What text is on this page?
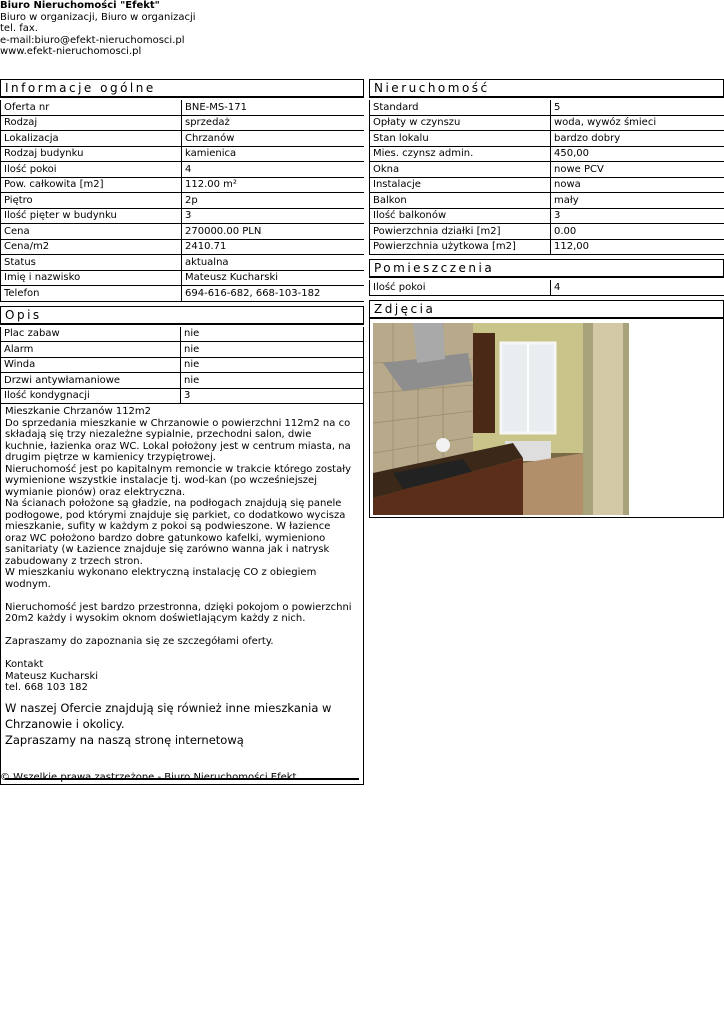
Biuro Nieruchomości "Efekt"
Biuro w organizacji, Biuro w organizacji
tel. fax.
e-mail:biuro@efekt-nieruchomosci.pl
www.efekt-nieruchomosci.pl
Informacje ogólne
Oferta nr	BNE-MS-171
Rodzaj	sprzedaż
Lokalizacja	Chrzanów
Rodzaj budynku	kamienica
Ilość pokoi	4
Pow. całkowita [m2]	112.00 m²
Piętro	2p
Ilość pięter w budynku	3
Cena	270000.00 PLN
Cena/m2	2410.71
Status	aktualna
Imię i nazwisko	Mateusz Kucharski
Telefon	694-616-682, 668-103-182
Opis
Plac zabaw	nie
Alarm	nie
Winda	nie
Drzwi antywłamaniowe	nie
Ilość kondygnacji	3

Mieszkanie Chrzanów 112m2

Do sprzedania mieszkanie w Chrzanowie o powierzchni 112m2 na co

składają się trzy niezależne sypialnie, przechodni salon, dwie

kuchnie, łazienka oraz WC. Lokal położony jest w centrum miasta, na

drugim piętrze w kamienicy trzypiętrowej.

Nieruchomość jest po kapitalnym remoncie w trakcie którego zostały

wymienione wszystkie instalacje tj. wod-kan (po wcześniejszej

wymianie pionów) oraz elektryczna.

Na ścianach położone są gładzie, na podłogach znajdują się panele

podłogowe, pod którymi znajduje się parkiet, co dodatkowo wycisza

mieszkanie, sufity w każdym z pokoi są podwieszone. W łazience

oraz WC położono bardzo dobre gatunkowo kafelki, wymieniono

sanitariaty (w Łazience znajduje się zarówno wanna jak i natrysk

zabudowany z trzech stron.

W mieszkaniu wykonano elektryczną instalację CO z obiegiem

wodnym.

Nieruchomość jest bardzo przestronna, dzięki pokojom o powierzchni

20m2 każdy i wysokim oknom doświetlającym każdy z nich.

Zapraszamy do zapoznania się ze szczegółami oferty.

Kontakt

Mateusz Kucharski

tel. 668 103 182

W naszej Ofercie znajdują się również inne mieszkania w Chrzanowie i okolicy.
Zapraszamy na naszą stronę internetową
Nieruchomość
Standard	5
Opłaty w czynszu	woda, wywóz śmieci
Stan lokalu	bardzo dobry
Mies. czynsz admin.	450,00
Okna	nowe PCV
Instalacje	nowa
Balkon	mały
Ilość balkonów	3
Powierzchnia działki [m2]	0.00
Powierzchnia użytkowa [m2]	112,00
Pomieszczenia
Ilość pokoi	4
Zdjęcia
© Wszelkie prawa zastrzeżone - Biuro Nieruchomości Efekt
